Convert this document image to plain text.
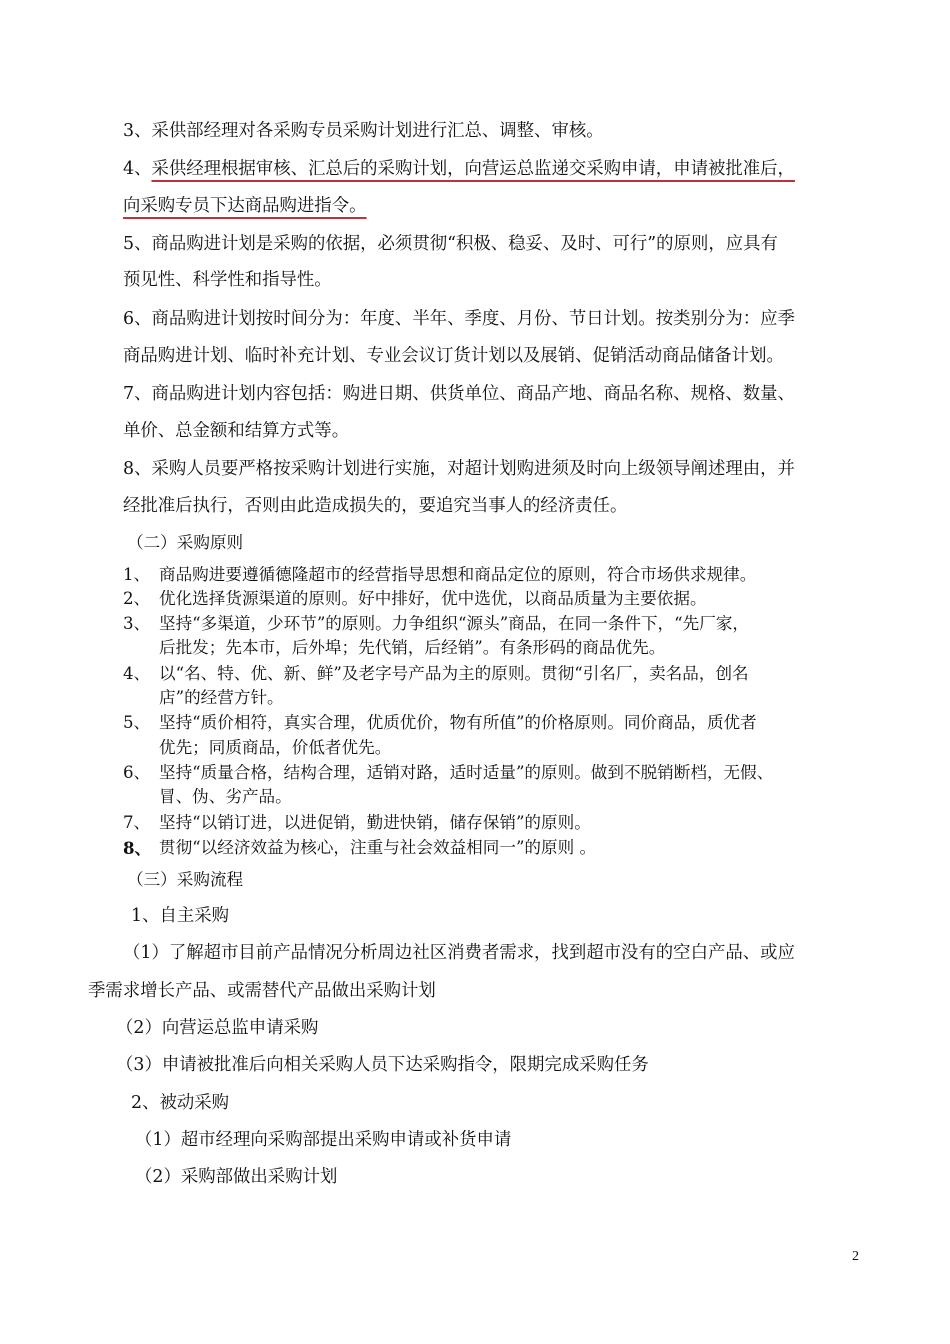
3、采供部经理对各采购专员采购计划进行汇总、调整、审核。
4、采供经理根据审核、汇总后的采购计划，向营运总监递交采购申请，申请被批准后，
向采购专员下达商品购进指令。
5、商品购进计划是采购的依据，必须贯彻“积极、稳妥、及时、可行”的原则，应具有
预见性、科学性和指导性。
6、商品购进计划按时间分为：年度、半年、季度、月份、节日计划。按类别分为：应季
商品购进计划、临时补充计划、专业会议订货计划以及展销、促销活动商品储备计划。
7、商品购进计划内容包括：购进日期、供货单位、商品产地、商品名称、规格、数量、
单价、总金额和结算方式等。
8、采购人员要严格按采购计划进行实施，对超计划购进须及时向上级领导阐述理由，并
经批准后执行，否则由此造成损失的，要追究当事人的经济责任。
（二）采购原则
1、 商品购进要遵循德隆超市的经营指导思想和商品定位的原则，符合市场供求规律。
2、 优化选择货源渠道的原则。好中排好，优中选优，以商品质量为主要依据。
3、 坚持“多渠道，少环节”的原则。力争组织“源头”商品，在同一条件下，“先厂家，
后批发；先本市，后外埠；先代销，后经销”。有条形码的商品优先。
4、 以“名、特、优、新、鲜”及老字号产品为主的原则。贯彻“引名厂，卖名品，创名
店”的经营方针。
5、 坚持“质价相符，真实合理，优质优价，物有所值”的价格原则。同价商品，质优者
优先；同质商品，价低者优先。
6、 坚持“质量合格，结构合理，适销对路，适时适量”的原则。做到不脱销断档，无假、
冒、伪、劣产品。
7、 坚持“以销订进，以进促销，勤进快销，储存保销”的原则。
8、 贯彻“以经济效益为核心，注重与社会效益相同一”的原则 。
（三）采购流程
1、自主采购
（1）了解超市目前产品情况分析周边社区消费者需求，找到超市没有的空白产品、或应
季需求增长产品、或需替代产品做出采购计划
（2）向营运总监申请采购
（3）申请被批准后向相关采购人员下达采购指令，限期完成采购任务
2、被动采购
（1）超市经理向采购部提出采购申请或补货申请
（2）采购部做出采购计划
2
